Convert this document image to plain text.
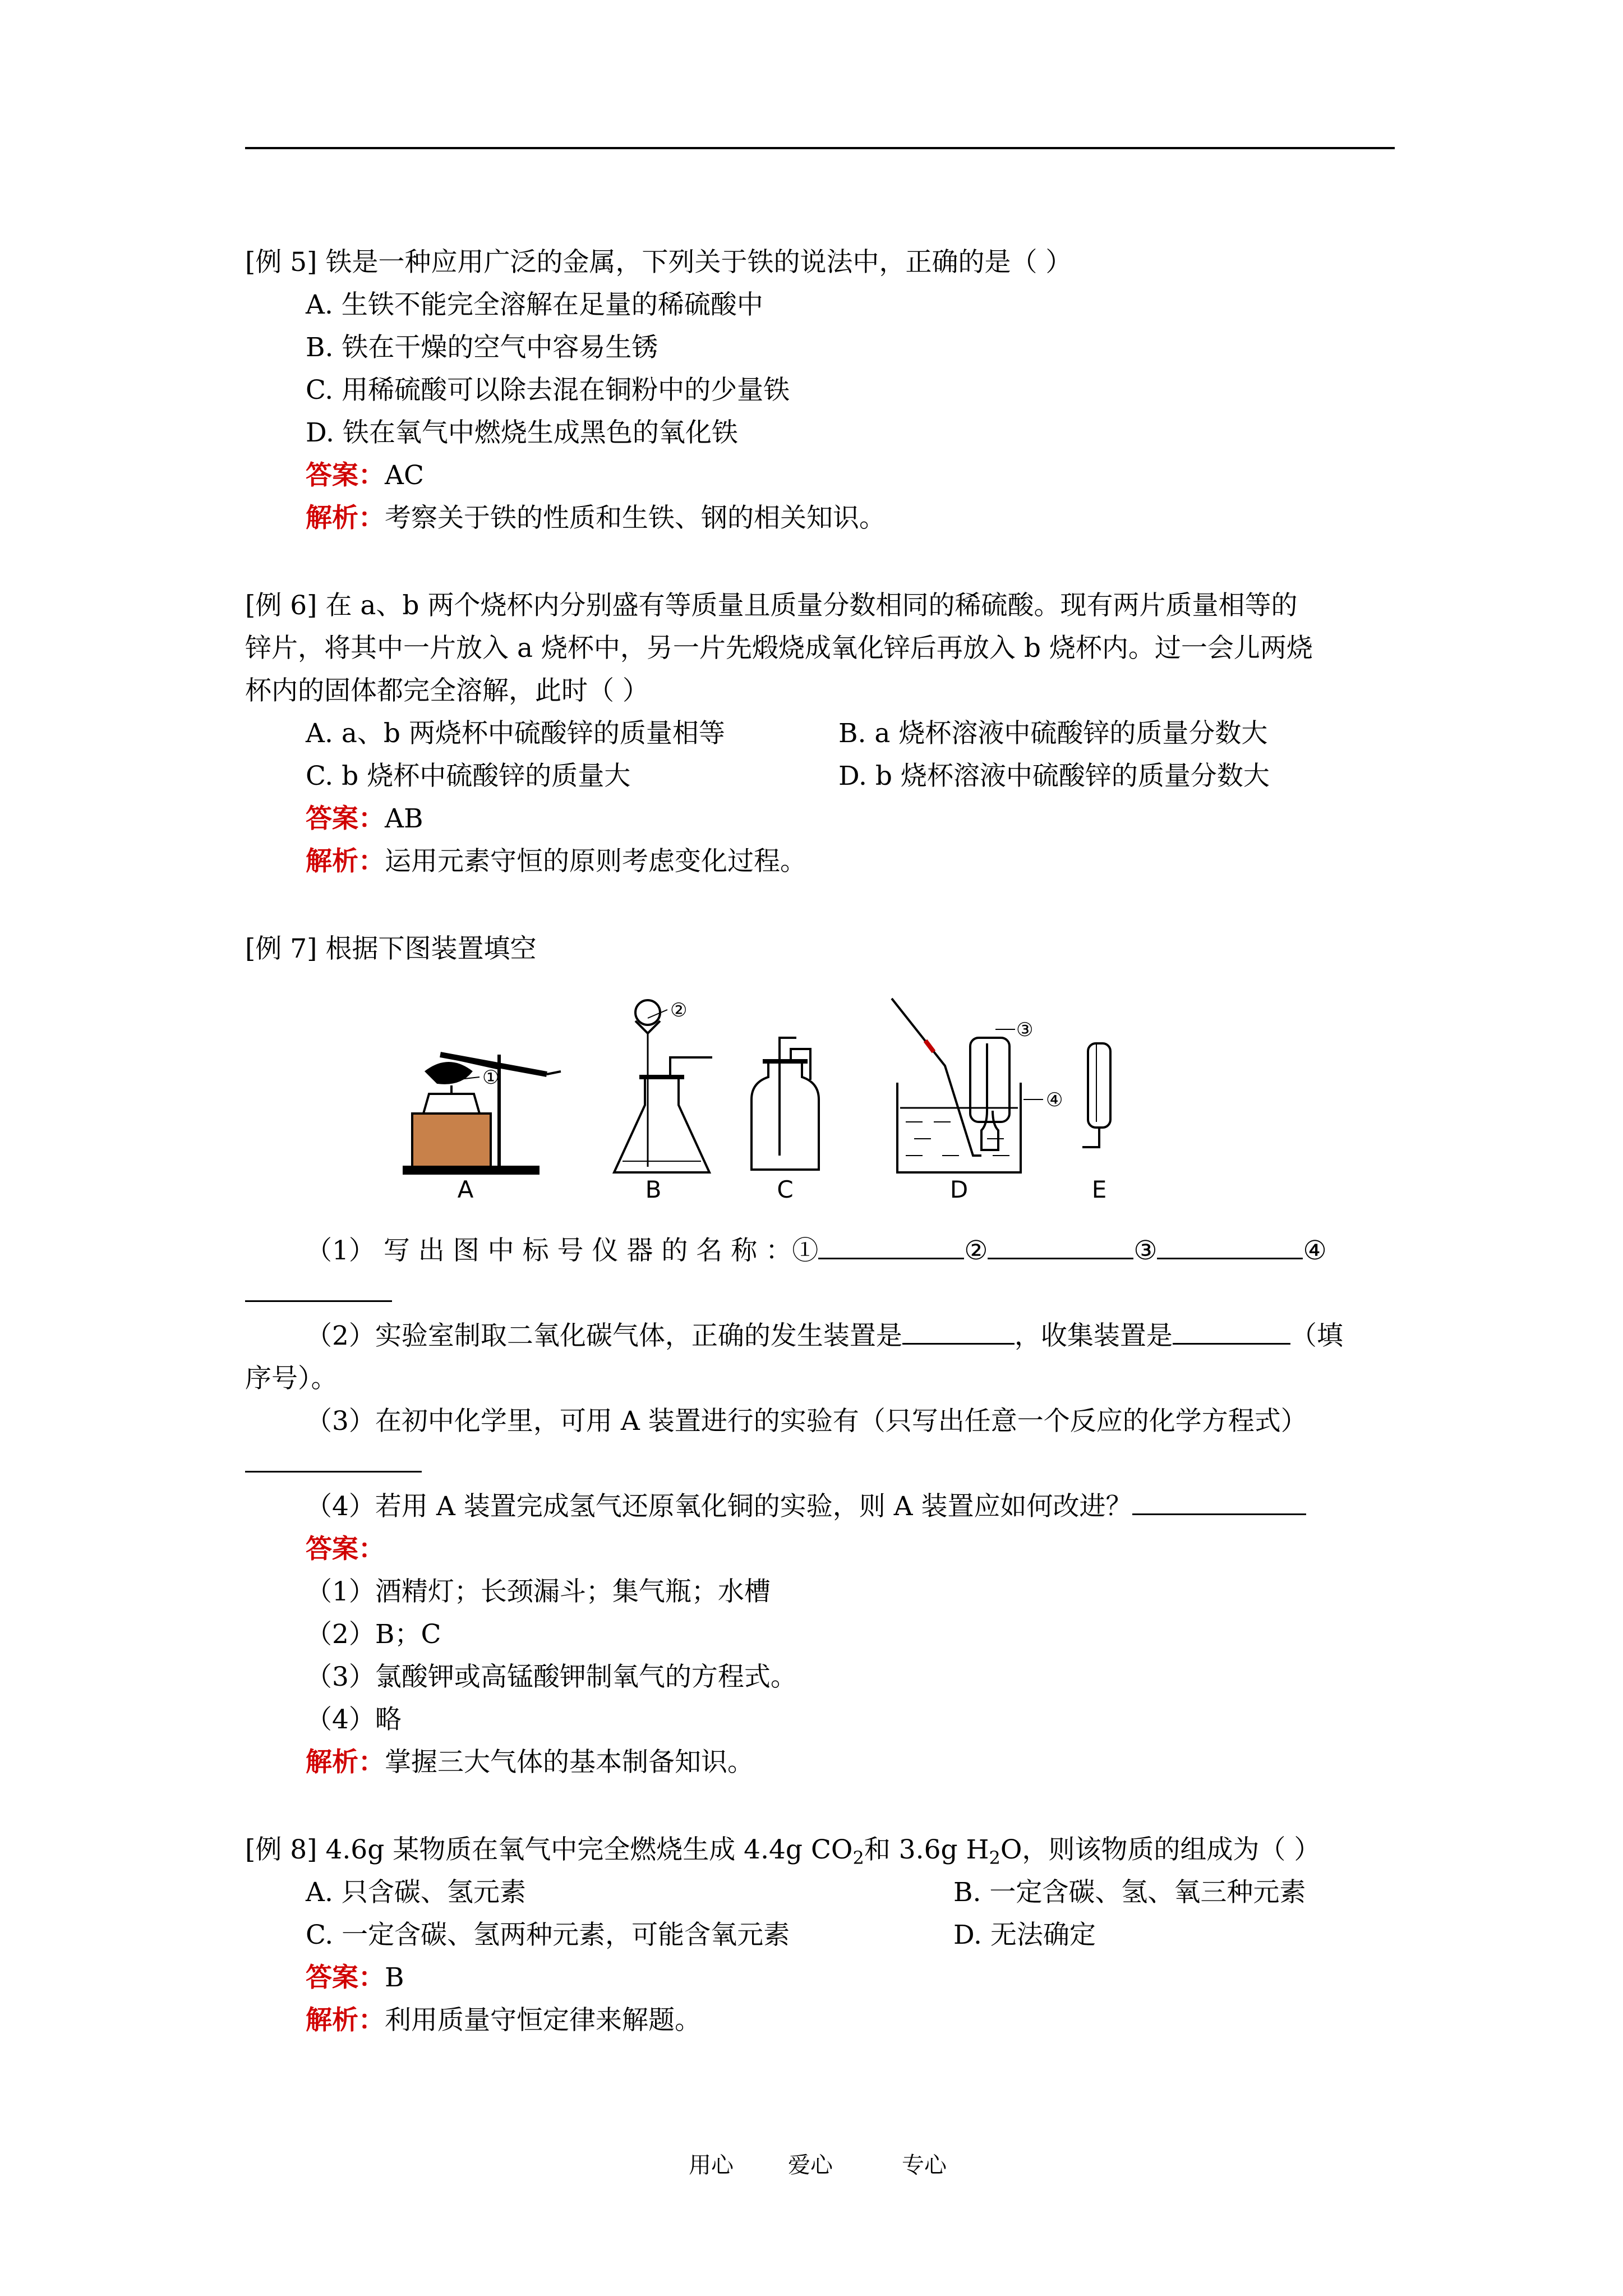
[例 5] 铁是一种应用广泛的金属，下列关于铁的说法中，正确的是（ ）
A. 生铁不能完全溶解在足量的稀硫酸中
B. 铁在干燥的空气中容易生锈
C. 用稀硫酸可以除去混在铜粉中的少量铁
D. 铁在氧气中燃烧生成黑色的氧化铁
答案：AC
解析：考察关于铁的性质和生铁、钢的相关知识。
[例 6] 在 a、b 两个烧杯内分别盛有等质量且质量分数相同的稀硫酸。现有两片质量相等的
锌片，将其中一片放入 a 烧杯中，另一片先煅烧成氧化锌后再放入 b 烧杯内。过一会儿两烧
杯内的固体都完全溶解，此时（ ）
A. a、b 两烧杯中硫酸锌的质量相等	B. a 烧杯溶液中硫酸锌的质量分数大
C. b 烧杯中硫酸锌的质量大	D. b 烧杯溶液中硫酸锌的质量分数大
答案：AB
解析：运用元素守恒的原则考虑变化过程。
[例 7] 根据下图装置填空
①
②
③
④
A	B	C	D	E
（1） 写 出 图 中 标 号 仪 器 的 名 称 ：①	②	③	④
（2）实验室制取二氧化碳气体，正确的发生装置是	，收集装置是	（填
序号）。
（3）在初中化学里，可用 A 装置进行的实验有（只写出任意一个反应的化学方程式）
（4）若用 A 装置完成氢气还原氧化铜的实验，则 A 装置应如何改进？
答案：
（1）酒精灯；长颈漏斗；集气瓶；水槽
（2）B；C
（3）氯酸钾或高锰酸钾制氧气的方程式。
（4）略
解析：掌握三大气体的基本制备知识。
[例 8] 4.6g 某物质在氧气中完全燃烧生成 4.4g $CO_2$和 3.6g $H_2O$，则该物质的组成为（ ）
A. 只含碳、氢元素	B. 一定含碳、氢、氧三种元素
C. 一定含碳、氢两种元素，可能含氧元素	D. 无法确定
答案：B
解析：利用质量守恒定律来解题。
用心 爱心	专心
